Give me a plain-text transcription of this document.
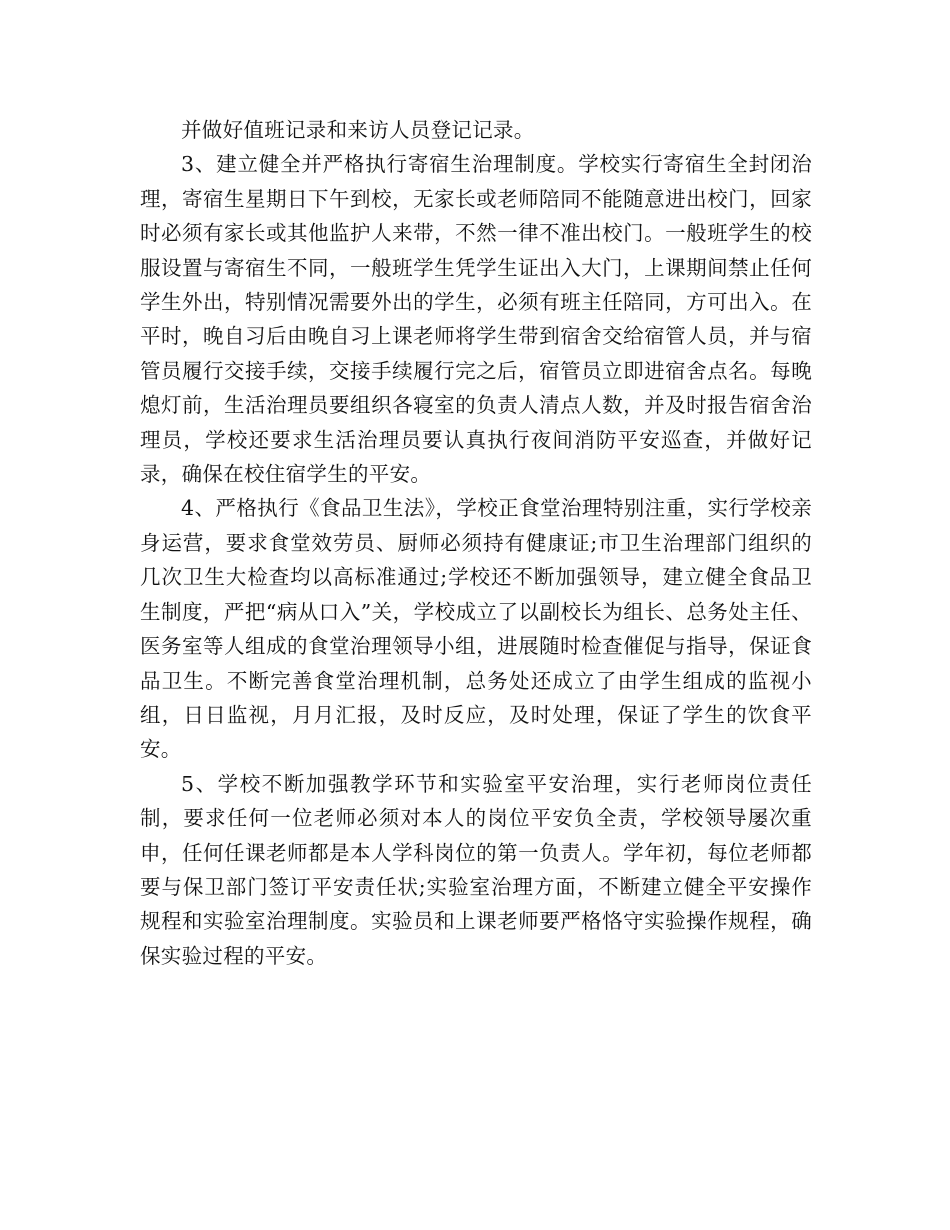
并做好值班记录和来访人员登记记录。

3、建立健全并严格执行寄宿生治理制度。学校实行寄宿生全封闭治理，寄宿生星期日下午到校，无家长或老师陪同不能随意进出校门，回家时必须有家长或其他监护人来带，不然一律不准出校门。一般班学生的校服设置与寄宿生不同，一般班学生凭学生证出入大门，上课期间禁止任何学生外出，特别情况需要外出的学生，必须有班主任陪同，方可出入。在平时，晚自习后由晚自习上课老师将学生带到宿舍交给宿管人员，并与宿管员履行交接手续，交接手续履行完之后，宿管员立即进宿舍点名。每晚熄灯前，生活治理员要组织各寝室的负责人清点人数，并及时报告宿舍治理员，学校还要求生活治理员要认真执行夜间消防平安巡查，并做好记录，确保在校住宿学生的平安。

4、严格执行《食品卫生法》，学校正食堂治理特别注重，实行学校亲身运营，要求食堂效劳员、厨师必须持有健康证;市卫生治理部门组织的几次卫生大检查均以高标准通过;学校还不断加强领导，建立健全食品卫生制度，严把“病从口入”关，学校成立了以副校长为组长、总务处主任、医务室等人组成的食堂治理领导小组，进展随时检查催促与指导，保证食品卫生。不断完善食堂治理机制，总务处还成立了由学生组成的监视小组，日日监视，月月汇报，及时反应，及时处理，保证了学生的饮食平安。

5、学校不断加强教学环节和实验室平安治理，实行老师岗位责任制，要求任何一位老师必须对本人的岗位平安负全责，学校领导屡次重申，任何任课老师都是本人学科岗位的第一负责人。学年初，每位老师都要与保卫部门签订平安责任状;实验室治理方面，不断建立健全平安操作规程和实验室治理制度。实验员和上课老师要严格恪守实验操作规程，确保实验过程的平安。
